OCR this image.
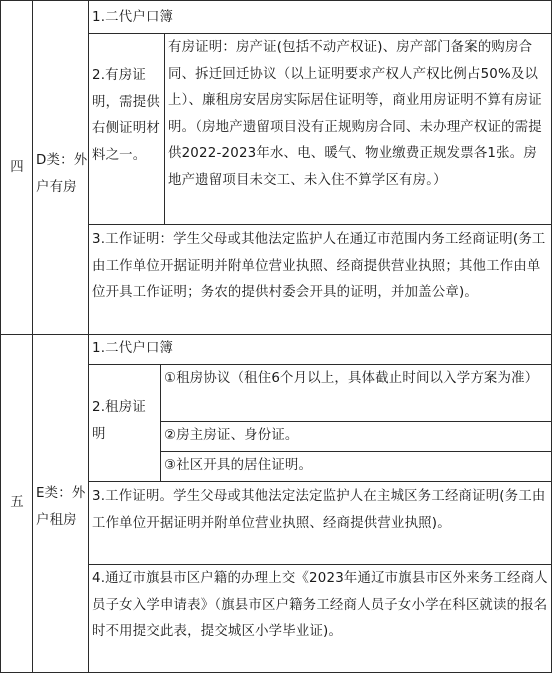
四 D类：外户有房
1.二代户口簿
2.有房证明，需提供右侧证明材料之一。
有房证明：房产证(包括不动产权证)、房产部门备案的购房合同、拆迁回迁协议（以上证明要求产权人产权比例占50%及以上）、廉租房安居房实际居住证明等，商业用房证明不算有房证明。（房地产遗留项目没有正规购房合同、未办理产权证的需提供2022-2023年水、电、暖气、物业缴费正规发票各1张。房地产遗留项目未交工、未入住不算学区有房。）
3.工作证明：学生父母或其他法定监护人在通辽市范围内务工经商证明(务工由工作单位开据证明并附单位营业执照、经商提供营业执照；其他工作由单位开具工作证明；务农的提供村委会开具的证明，并加盖公章)。
五
E类：外户租房
1.二代户口簿
2.租房证明
①租房协议（租住6个月以上，具体截止时间以入学方案为准）
②房主房证、身份证。
③社区开具的居住证明。
3.工作证明。学生父母或其他法定法定监护人在主城区务工经商证明(务工由工作单位开据证明并附单位营业执照、经商提供营业执照)。
4.通辽市旗县市区户籍的办理上交《2023年通辽市旗县市区外来务工经商人员子女入学申请表》（旗县市区户籍务工经商人员子女小学在科区就读的报名时不用提交此表，提交城区小学毕业证)。
